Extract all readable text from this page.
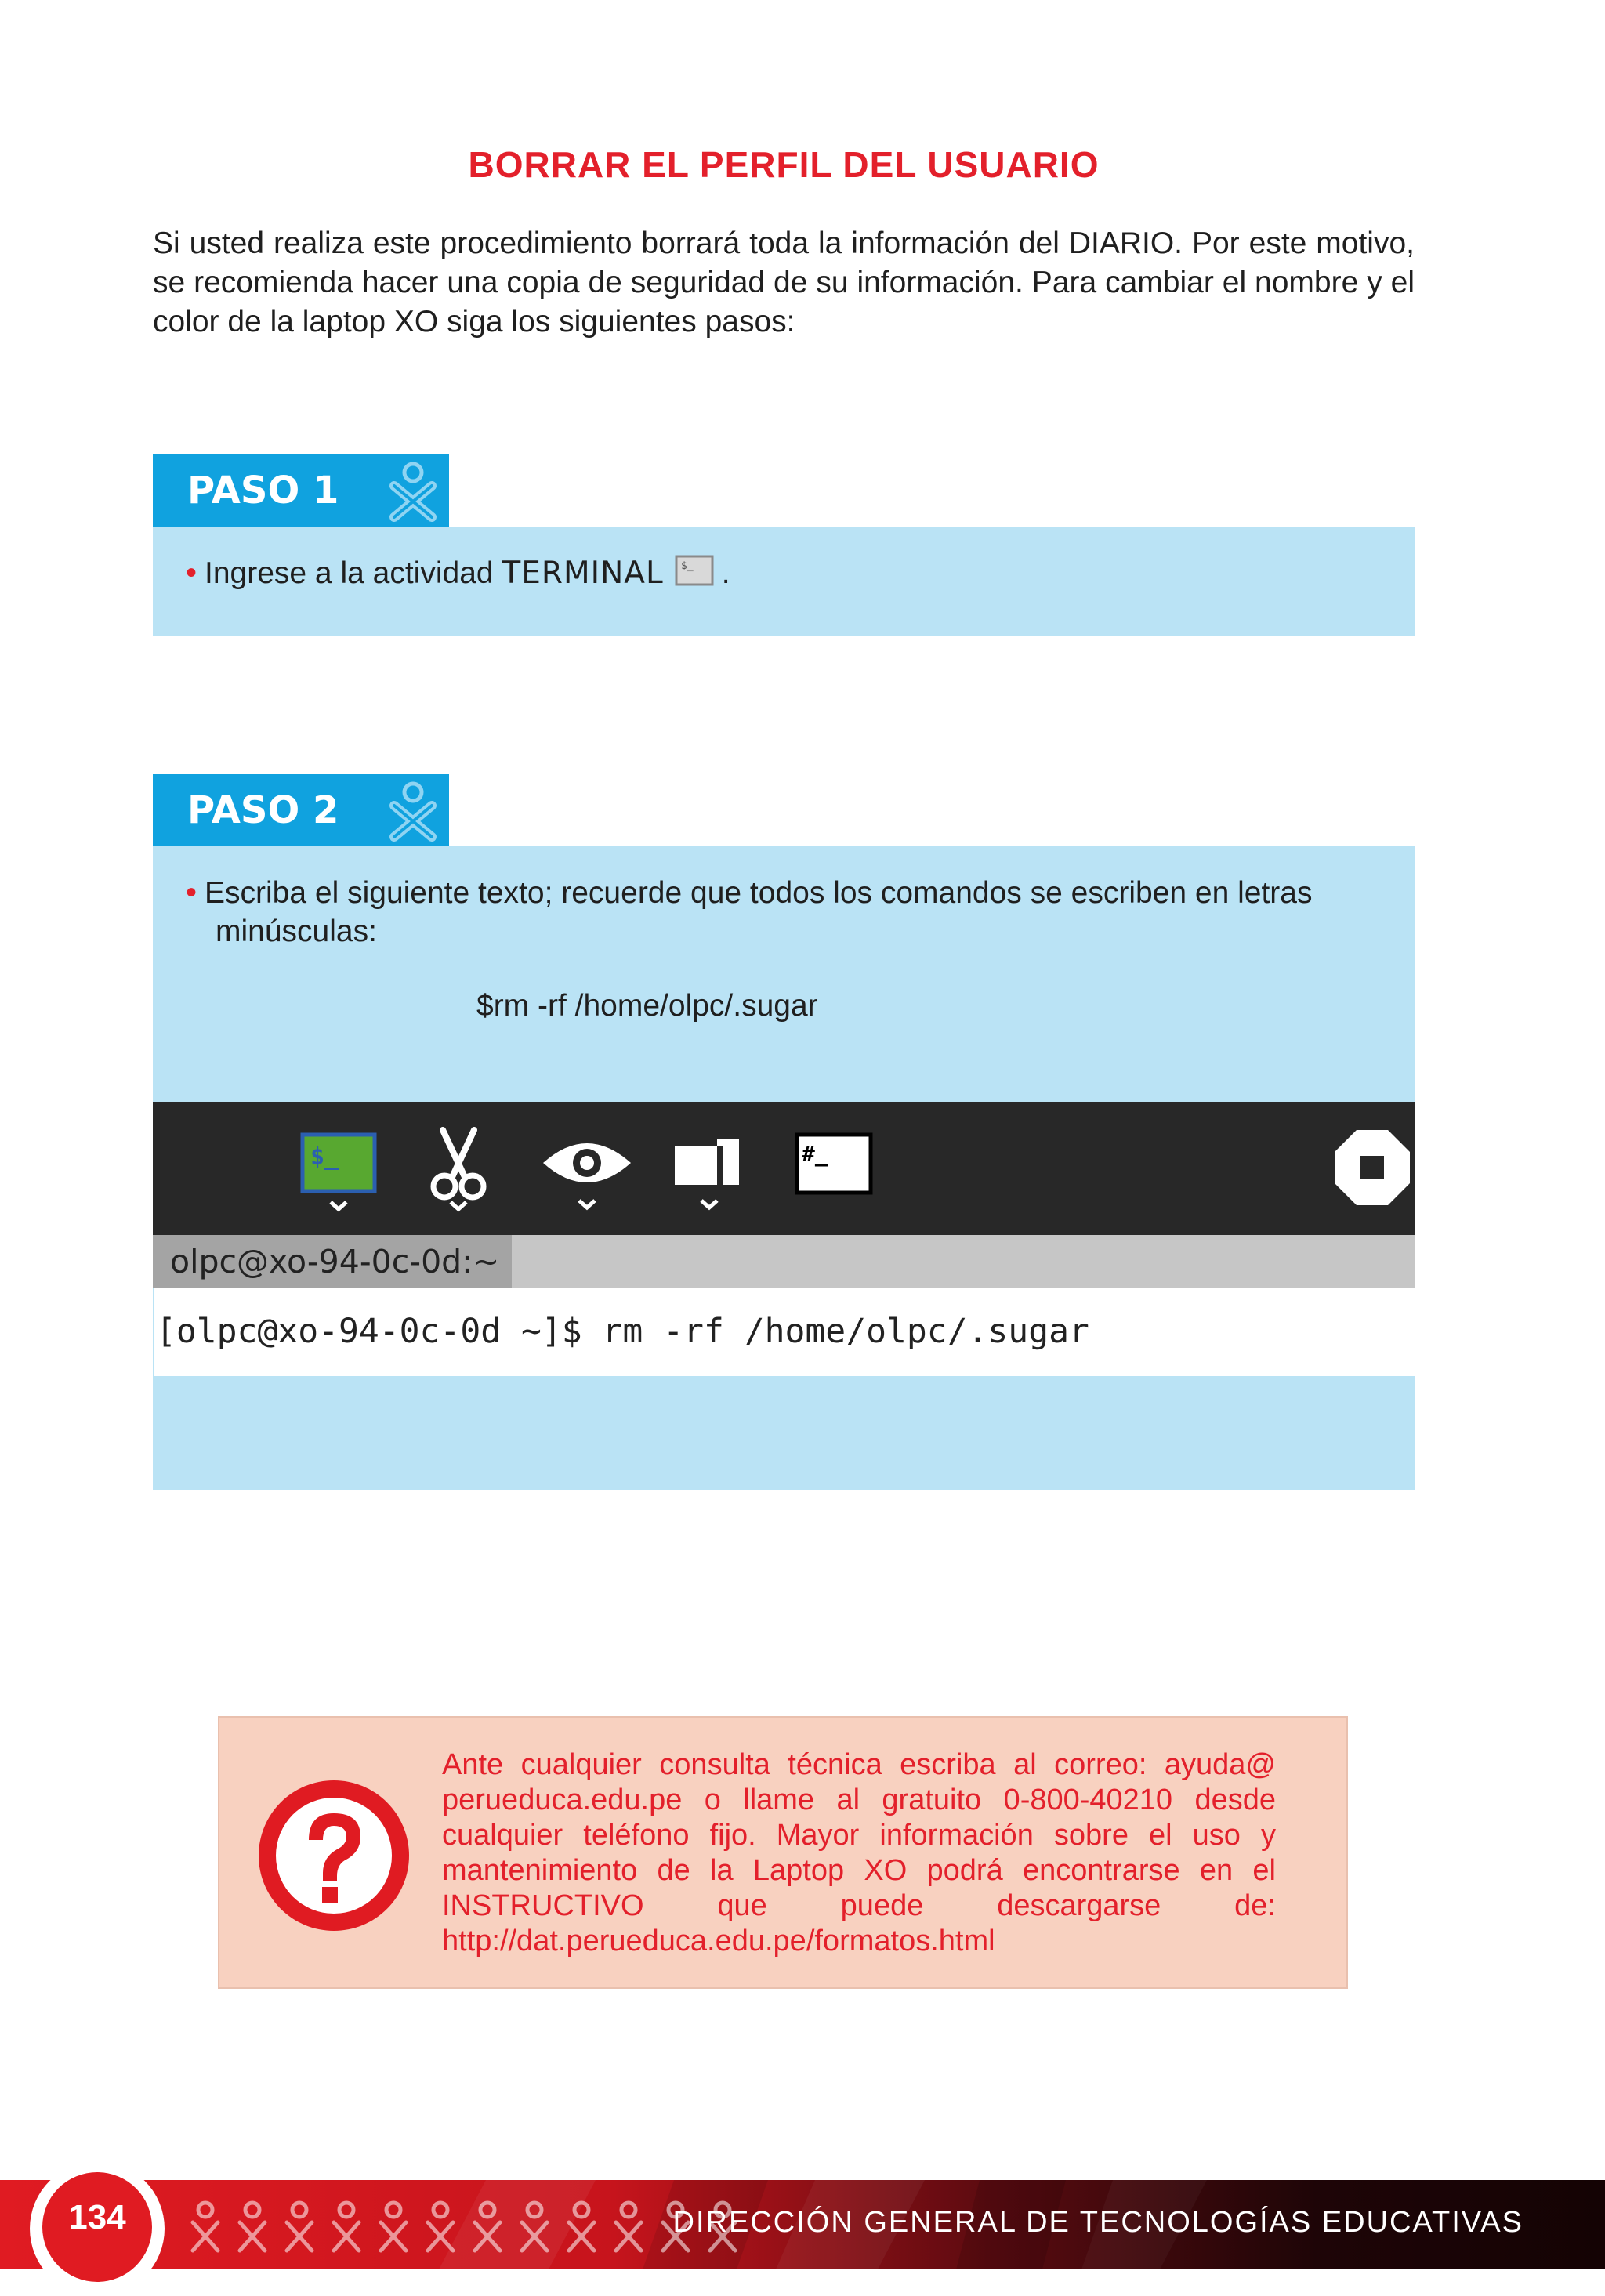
BORRAR EL PERFIL DEL USUARIO
Si usted realiza este procedimiento borrará toda la información del DIARIO. Por este motivo, se recomienda hacer una copia de seguridad de su información. Para cambiar el nombre y el color de la laptop XO siga los siguientes pasos:
PASO 1
• Ingrese a la actividad TERMINAL $_ .
PASO 2
• Escriba el siguiente texto; recuerde que todos los comandos se escriben en letras
minúsculas:
$rm -rf /home/olpc/.sugar
$_	#_
olpc@xo-94-0c-0d:~
[olpc@xo-94-0c-0d ~]$ rm -rf /home/olpc/.sugar
Ante cualquier consulta técnica escriba al correo: ayuda@ perueduca.edu.pe o llame al gratuito 0-800-40210 desde cualquier teléfono fijo. Mayor información sobre el uso y mantenimiento de la Laptop XO podrá encontrarse en el INSTRUCTIVO que puede descargarse de: http://dat.perueduca.edu.pe/formatos.html
134	DIRECCIÓN GENERAL DE TECNOLOGÍAS EDUCATIVAS
